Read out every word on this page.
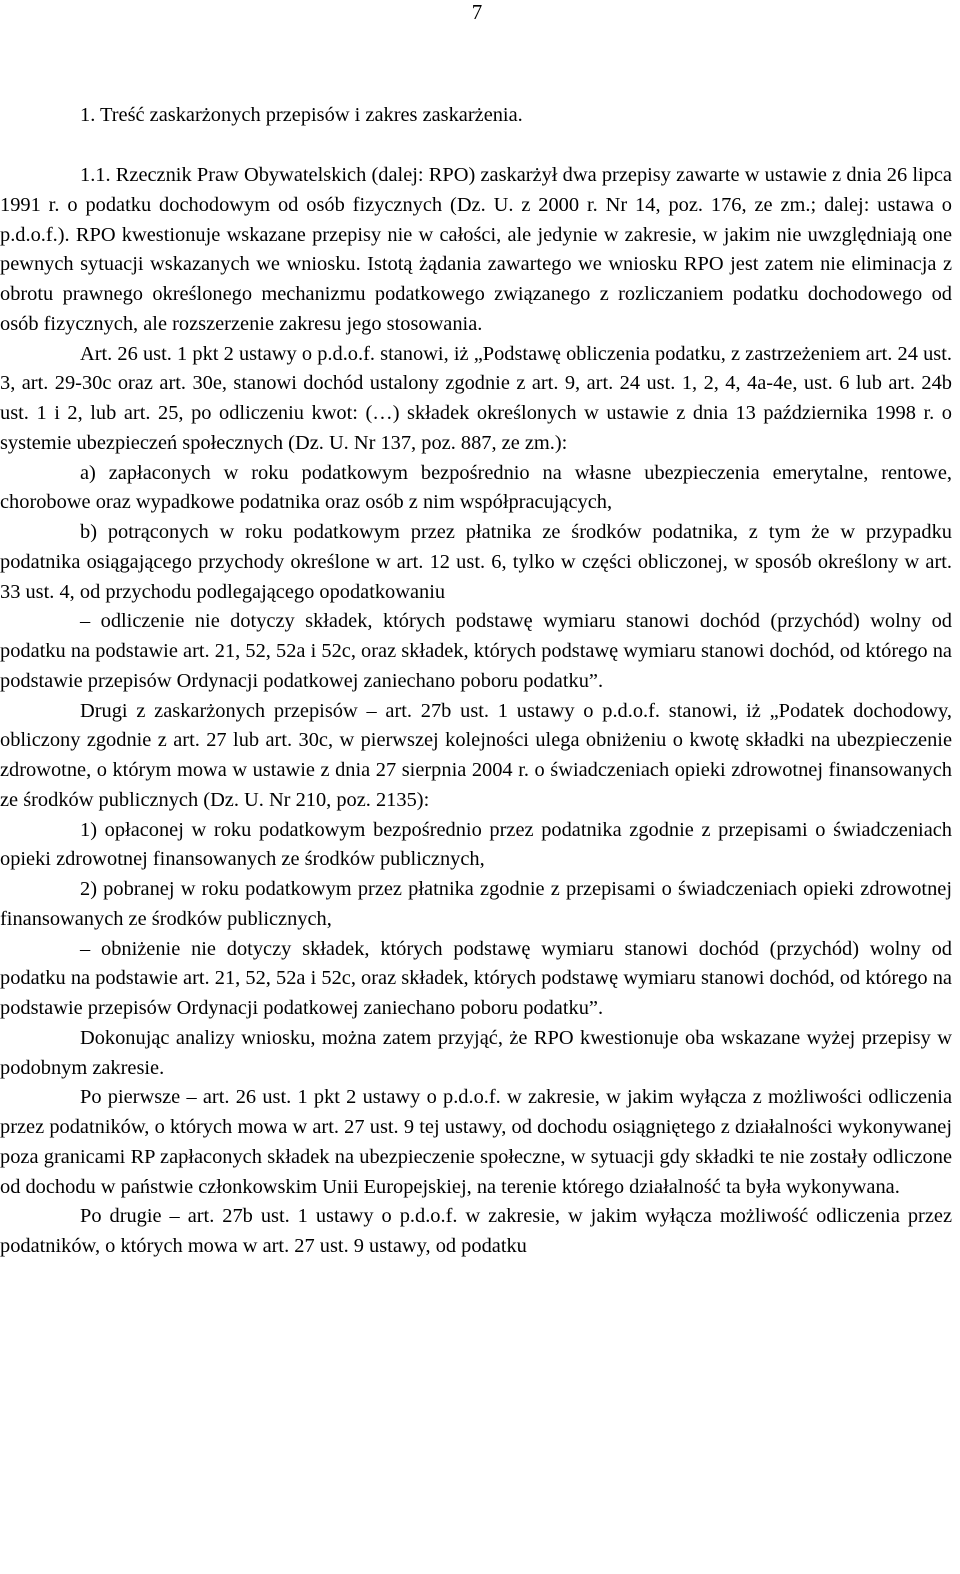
7
1. Treść zaskarżonych przepisów i zakres zaskarżenia.

1.1. Rzecznik Praw Obywatelskich (dalej: RPO) zaskarżył dwa przepisy zawarte w ustawie z dnia 26 lipca 1991 r. o podatku dochodowym od osób fizycznych (Dz. U. z 2000 r. Nr 14, poz. 176, ze zm.; dalej: ustawa o p.d.o.f.). RPO kwestionuje wskazane przepisy nie w całości, ale jedynie w zakresie, w jakim nie uwzględniają one pewnych sytuacji wskazanych we wniosku. Istotą żądania zawartego we wniosku RPO jest zatem nie eliminacja z obrotu prawnego określonego mechanizmu podatkowego związanego z rozliczaniem podatku dochodowego od osób fizycznych, ale rozszerzenie zakresu jego stosowania.

Art. 26 ust. 1 pkt 2 ustawy o p.d.o.f. stanowi, iż „Podstawę obliczenia podatku, z zastrzeżeniem art. 24 ust. 3, art. 29-30c oraz art. 30e, stanowi dochód ustalony zgodnie z art. 9, art. 24 ust. 1, 2, 4, 4a-4e, ust. 6 lub art. 24b ust. 1 i 2, lub art. 25, po odliczeniu kwot: (…) składek określonych w ustawie z dnia 13 października 1998 r. o systemie ubezpieczeń społecznych (Dz. U. Nr 137, poz. 887, ze zm.):

a) zapłaconych w roku podatkowym bezpośrednio na własne ubezpieczenia emerytalne, rentowe, chorobowe oraz wypadkowe podatnika oraz osób z nim współpracujących,

b) potrąconych w roku podatkowym przez płatnika ze środków podatnika, z tym że w przypadku podatnika osiągającego przychody określone w art. 12 ust. 6, tylko w części obliczonej, w sposób określony w art. 33 ust. 4, od przychodu podlegającego opodatkowaniu

– odliczenie nie dotyczy składek, których podstawę wymiaru stanowi dochód (przychód) wolny od podatku na podstawie art. 21, 52, 52a i 52c, oraz składek, których podstawę wymiaru stanowi dochód, od którego na podstawie przepisów Ordynacji podatkowej zaniechano poboru podatku”.

Drugi z zaskarżonych przepisów – art. 27b ust. 1 ustawy o p.d.o.f. stanowi, iż „Podatek dochodowy, obliczony zgodnie z art. 27 lub art. 30c, w pierwszej kolejności ulega obniżeniu o kwotę składki na ubezpieczenie zdrowotne, o którym mowa w ustawie z dnia 27 sierpnia 2004 r. o świadczeniach opieki zdrowotnej finansowanych ze środków publicznych (Dz. U. Nr 210, poz. 2135):

1) opłaconej w roku podatkowym bezpośrednio przez podatnika zgodnie z przepisami o świadczeniach opieki zdrowotnej finansowanych ze środków publicznych,

2) pobranej w roku podatkowym przez płatnika zgodnie z przepisami o świadczeniach opieki zdrowotnej finansowanych ze środków publicznych,

– obniżenie nie dotyczy składek, których podstawę wymiaru stanowi dochód (przychód) wolny od podatku na podstawie art. 21, 52, 52a i 52c, oraz składek, których podstawę wymiaru stanowi dochód, od którego na podstawie przepisów Ordynacji podatkowej zaniechano poboru podatku”.

Dokonując analizy wniosku, można zatem przyjąć, że RPO kwestionuje oba wskazane wyżej przepisy w podobnym zakresie.

Po pierwsze – art. 26 ust. 1 pkt 2 ustawy o p.d.o.f. w zakresie, w jakim wyłącza z możliwości odliczenia przez podatników, o których mowa w art. 27 ust. 9 tej ustawy, od dochodu osiągniętego z działalności wykonywanej poza granicami RP zapłaconych składek na ubezpieczenie społeczne, w sytuacji gdy składki te nie zostały odliczone od dochodu w państwie członkowskim Unii Europejskiej, na terenie którego działalność ta była wykonywana.

Po drugie – art. 27b ust. 1 ustawy o p.d.o.f. w zakresie, w jakim wyłącza możliwość odliczenia przez podatników, o których mowa w art. 27 ust. 9 ustawy, od podatku
